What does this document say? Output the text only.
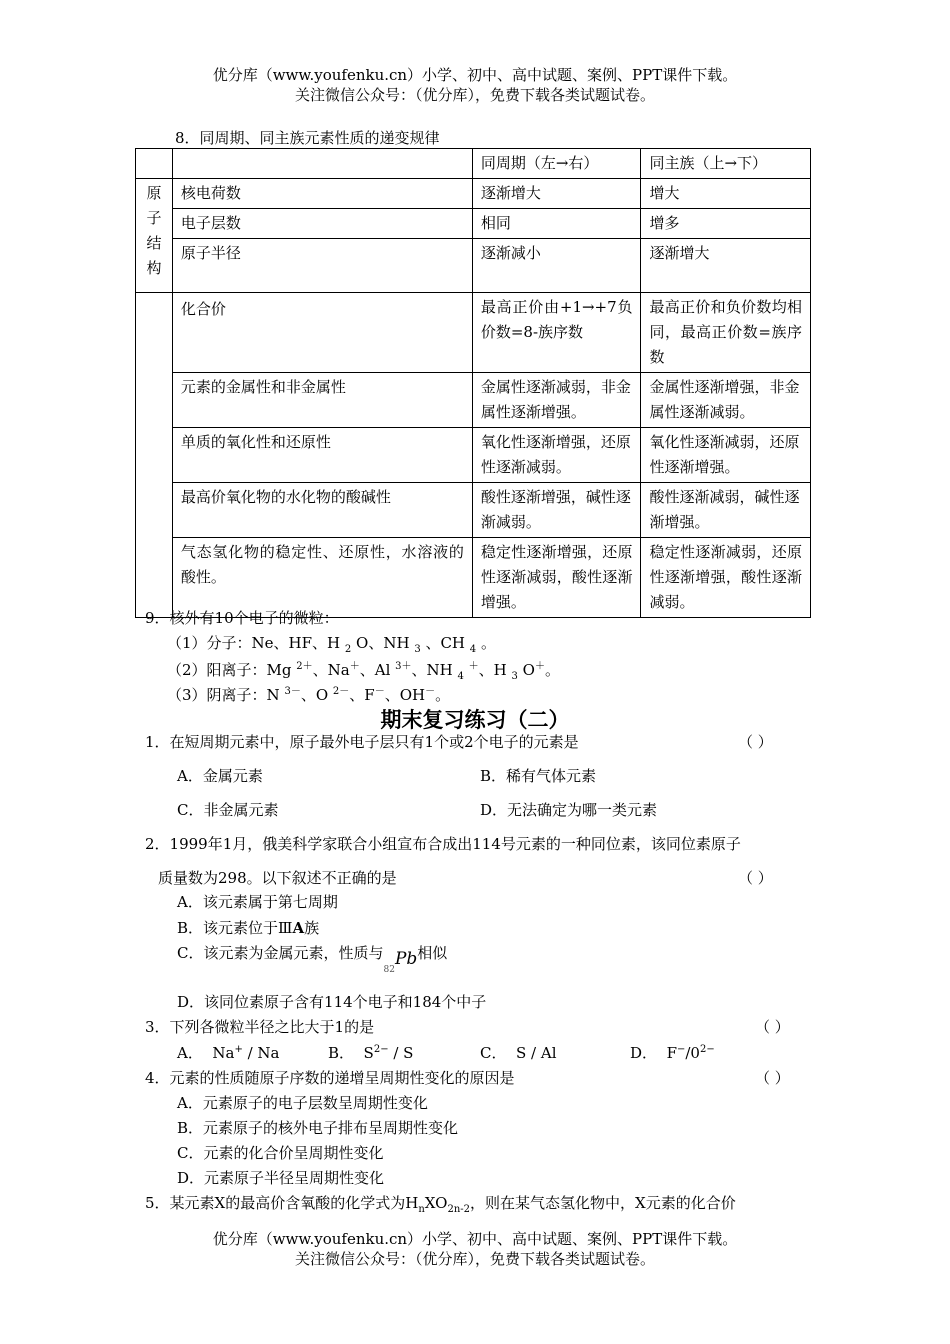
优分库（www.youfenku.cn）小学、初中、高中试题、案例、PPT课件下载。
关注微信公众号：（优分库），免费下载各类试题试卷。
8．同周期、同主族元素性质的递变规律
		同周期（左→右）	同主族（上→下）

原
子
结
构	核电荷数	逐渐增大	增大
	电子层数	相同	增多
	原子半径	逐渐减小	逐渐增大
	化合价	最高正价由+1→+7负价数=8-族序数	最高正价和负价数均相同，最高正价数=族序数
	元素的金属性和非金属性	金属性逐渐减弱，非金属性逐渐增强。	金属性逐渐增强，非金属性逐渐减弱。
	单质的氧化性和还原性	氧化性逐渐增强，还原性逐渐减弱。	氧化性逐渐减弱，还原性逐渐增强。
	最高价氧化物的水化物的酸碱性	酸性逐渐增强，碱性逐渐减弱。	酸性逐渐减弱，碱性逐渐增强。
	气态氢化物的稳定性、还原性，水溶液的酸性。	稳定性逐渐增强，还原性逐渐减弱，酸性逐渐增强。	稳定性逐渐减弱，还原性逐渐增强，酸性逐渐减弱。
9．核外有10个电子的微粒：
（1）分子：Ne、HF、H $_2$ O、NH $_3$ 、CH $_4$ 。
（2）阳离子：Mg $^{2+}$、Na＋、Al $^{3+}$、NH $_4$ ＋、H $_3$ O＋。
（3）阴离子：N $^{3-}$、O $^{2-}$、F－、OH－。
期末复习练习（二）
1．在短周期元素中，原子最外电子层只有1个或2个电子的元素是	（ ）
A．金属元素	B．稀有气体元素
C．非金属元素	D．无法确定为哪一类元素
2．1999年1月，俄美科学家联合小组宣布合成出114号元素的一种同位素，该同位素原子
质量数为298。以下叙述不正确的是	（ ）
A．该元素属于第七周期
B．该元素位于ⅢA族
C．该元素为金属元素，性质与$_{82}$Pb相似
D．该同位素原子含有114个电子和184个中子
3．下列各微粒半径之比大于1的是	（ ）
A．  Na+ / Na	B．  $S^{2-}$ / S	C．  S / Al	D．  $F^-/0^{2-}$
4．元素的性质随原子序数的递增呈周期性变化的原因是	（ ）
A．元素原子的电子层数呈周期性变化
B．元素原子的核外电子排布呈周期性变化
C．元素的化合价呈周期性变化
D．元素原子半径呈周期性变化
5．某元素X的最高价含氧酸的化学式为$H_nXO_{2n-2}$，则在某气态氢化物中，X元素的化合价
优分库（www.youfenku.cn）小学、初中、高中试题、案例、PPT课件下载。
关注微信公众号：（优分库），免费下载各类试题试卷。
